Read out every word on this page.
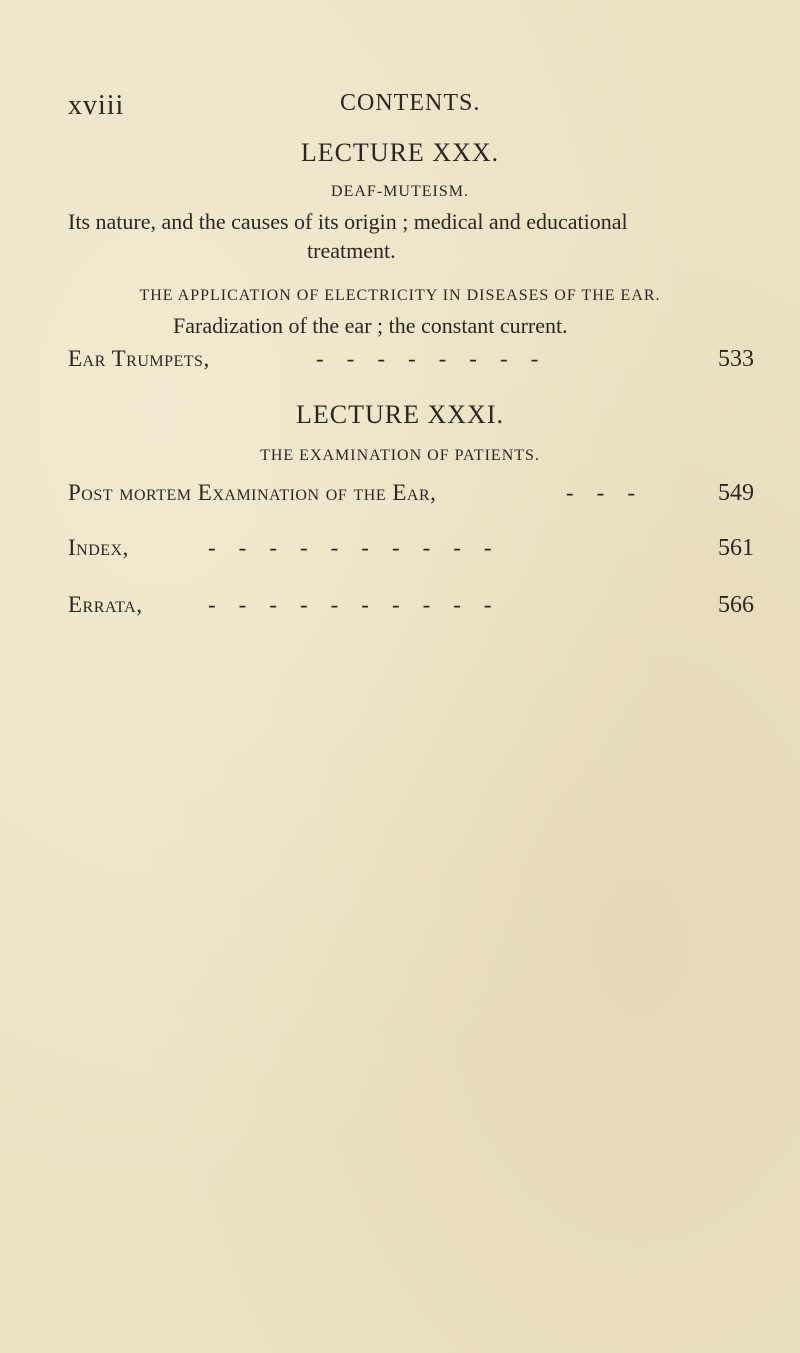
xviii	CONTENTS.
LECTURE XXX.
DEAF-MUTEISM.
Its nature, and the causes of its origin ; medical and educational
treatment.
THE APPLICATION OF ELECTRICITY IN DISEASES OF THE EAR.
Faradization of the ear ; the constant current.
Ear Trumpets,	-    -    -    -    -    -    -    -	533
LECTURE XXXI.
THE EXAMINATION OF PATIENTS.
Post mortem Examination of the Ear,	-    -    -	549
Index,	-    -    -    -    -    -    -    -    -    -	561
Errata,	-    -    -    -    -    -    -    -    -    -	566
